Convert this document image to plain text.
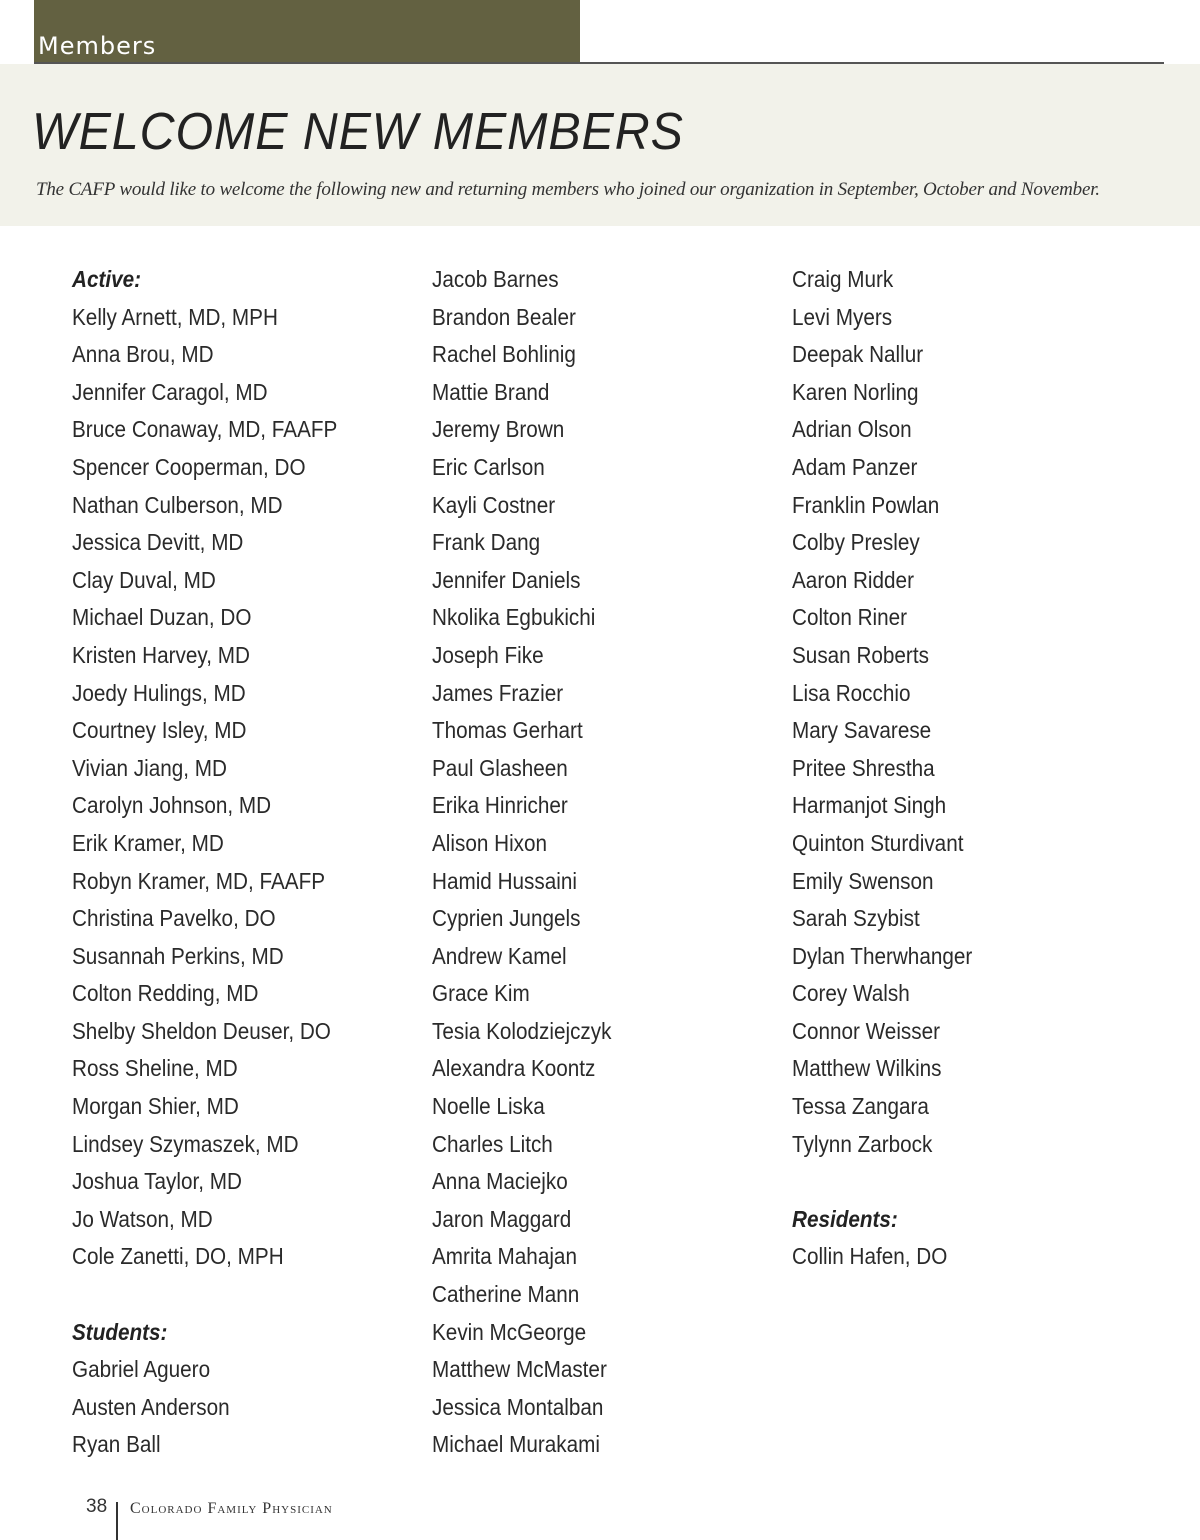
Members
WELCOME NEW MEMBERS

The CAFP would like to welcome the following new and returning members who joined our organization in September, October and November.

Active:
Kelly Arnett, MD, MPH
Anna Brou, MD
Jennifer Caragol, MD
Bruce Conaway, MD, FAAFP
Spencer Cooperman, DO
Nathan Culberson, MD
Jessica Devitt, MD
Clay Duval, MD
Michael Duzan, DO
Kristen Harvey, MD
Joedy Hulings, MD
Courtney Isley, MD
Vivian Jiang, MD
Carolyn Johnson, MD
Erik Kramer, MD
Robyn Kramer, MD, FAAFP
Christina Pavelko, DO
Susannah Perkins, MD
Colton Redding, MD
Shelby Sheldon Deuser, DO
Ross Sheline, MD
Morgan Shier, MD
Lindsey Szymaszek, MD
Joshua Taylor, MD
Jo Watson, MD
Cole Zanetti, DO, MPH
Students:
Gabriel Aguero
Austen Anderson
Ryan Ball
Jacob Barnes
Brandon Bealer
Rachel Bohlinig
Mattie Brand
Jeremy Brown
Eric Carlson
Kayli Costner
Frank Dang
Jennifer Daniels
Nkolika Egbukichi
Joseph Fike
James Frazier
Thomas Gerhart
Paul Glasheen
Erika Hinricher
Alison Hixon
Hamid Hussaini
Cyprien Jungels
Andrew Kamel
Grace Kim
Tesia Kolodziejczyk
Alexandra Koontz
Noelle Liska
Charles Litch
Anna Maciejko
Jaron Maggard
Amrita Mahajan
Catherine Mann
Kevin McGeorge
Matthew McMaster
Jessica Montalban
Michael Murakami
Craig Murk
Levi Myers
Deepak Nallur
Karen Norling
Adrian Olson
Adam Panzer
Franklin Powlan
Colby Presley
Aaron Ridder
Colton Riner
Susan Roberts
Lisa Rocchio
Mary Savarese
Pritee Shrestha
Harmanjot Singh
Quinton Sturdivant
Emily Swenson
Sarah Szybist
Dylan Therwhanger
Corey Walsh
Connor Weisser
Matthew Wilkins
Tessa Zangara
Tylynn Zarbock
Residents:
Collin Hafen, DO
38 Colorado Family Physician
